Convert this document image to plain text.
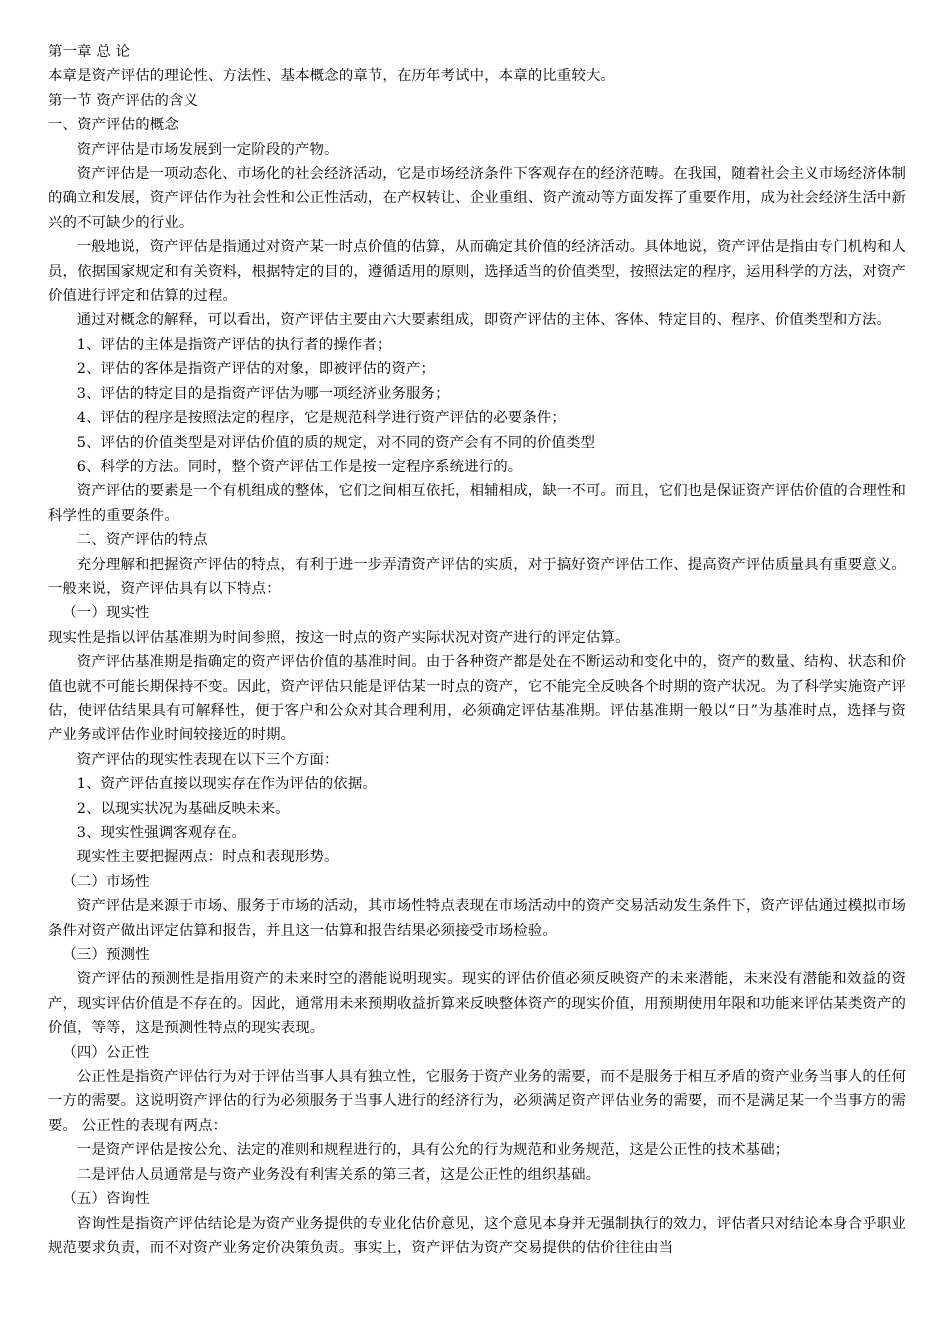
第一章 总 论

本章是资产评估的理论性、方法性、基本概念的章节，在历年考试中，本章的比重较大。

第一节 资产评估的含义

一、资产评估的概念

资产评估是市场发展到一定阶段的产物。

资产评估是一项动态化、市场化的社会经济活动，它是市场经济条件下客观存在的经济范畴。在我国，随着社会主义市场经济体制的确立和发展，资产评估作为社会性和公正性活动，在产权转让、企业重组、资产流动等方面发挥了重要作用，成为社会经济生活中新兴的不可缺少的行业。

一般地说，资产评估是指通过对资产某一时点价值的估算，从而确定其价值的经济活动。具体地说，资产评估是指由专门机构和人员，依据国家规定和有关资料，根据特定的目的，遵循适用的原则，选择适当的价值类型，按照法定的程序，运用科学的方法，对资产价值进行评定和估算的过程。

通过对概念的解释，可以看出，资产评估主要由六大要素组成，即资产评估的主体、客体、特定目的、程序、价值类型和方法。

1、评估的主体是指资产评估的执行者的操作者；

2、评估的客体是指资产评估的对象，即被评估的资产；

3、评估的特定目的是指资产评估为哪一项经济业务服务；

4、评估的程序是按照法定的程序，它是规范科学进行资产评估的必要条件；

5、评估的价值类型是对评估价值的质的规定，对不同的资产会有不同的价值类型

6、科学的方法。同时，整个资产评估工作是按一定程序系统进行的。

资产评估的要素是一个有机组成的整体，它们之间相互依托，相辅相成，缺一不可。而且，它们也是保证资产评估价值的合理性和科学性的重要条件。

二、资产评估的特点

充分理解和把握资产评估的特点，有利于进一步弄清资产评估的实质，对于搞好资产评估工作、提高资产评估质量具有重要意义。一般来说，资产评估具有以下特点：

（一）现实性

现实性是指以评估基准期为时间参照，按这一时点的资产实际状况对资产进行的评定估算。

资产评估基准期是指确定的资产评估价值的基准时间。由于各种资产都是处在不断运动和变化中的，资产的数量、结构、状态和价值也就不可能长期保持不变。因此，资产评估只能是评估某一时点的资产，它不能完全反映各个时期的资产状况。为了科学实施资产评估，使评估结果具有可解释性，便于客户和公众对其合理利用，必须确定评估基准期。评估基准期一般以“日”为基准时点，选择与资产业务或评估作业时间较接近的时期。

资产评估的现实性表现在以下三个方面：

1、资产评估直接以现实存在作为评估的依据。

2、以现实状况为基础反映未来。

3、现实性强调客观存在。

现实性主要把握两点：时点和表现形势。

（二）市场性

资产评估是来源于市场、服务于市场的活动，其市场性特点表现在市场活动中的资产交易活动发生条件下，资产评估通过模拟市场条件对资产做出评定估算和报告，并且这一估算和报告结果必须接受市场检验。

（三）预测性

资产评估的预测性是指用资产的未来时空的潜能说明现实。现实的评估价值必须反映资产的未来潜能，未来没有潜能和效益的资产，现实评估价值是不存在的。因此，通常用未来预期收益折算来反映整体资产的现实价值，用预期使用年限和功能来评估某类资产的价值，等等，这是预测性特点的现实表现。

（四）公正性

公正性是指资产评估行为对于评估当事人具有独立性，它服务于资产业务的需要，而不是服务于相互矛盾的资产业务当事人的任何一方的需要。这说明资产评估的行为必须服务于当事人进行的经济行为，必须满足资产评估业务的需要，而不是满足某一个当事方的需要。 公正性的表现有两点：

一是资产评估是按公允、法定的准则和规程进行的，具有公允的行为规范和业务规范，这是公正性的技术基础；

二是评估人员通常是与资产业务没有利害关系的第三者，这是公正性的组织基础。

（五）咨询性

咨询性是指资产评估结论是为资产业务提供的专业化估价意见，这个意见本身并无强制执行的效力，评估者只对结论本身合乎职业规范要求负责，而不对资产业务定价决策负责。事实上，资产评估为资产交易提供的估价往往由当
